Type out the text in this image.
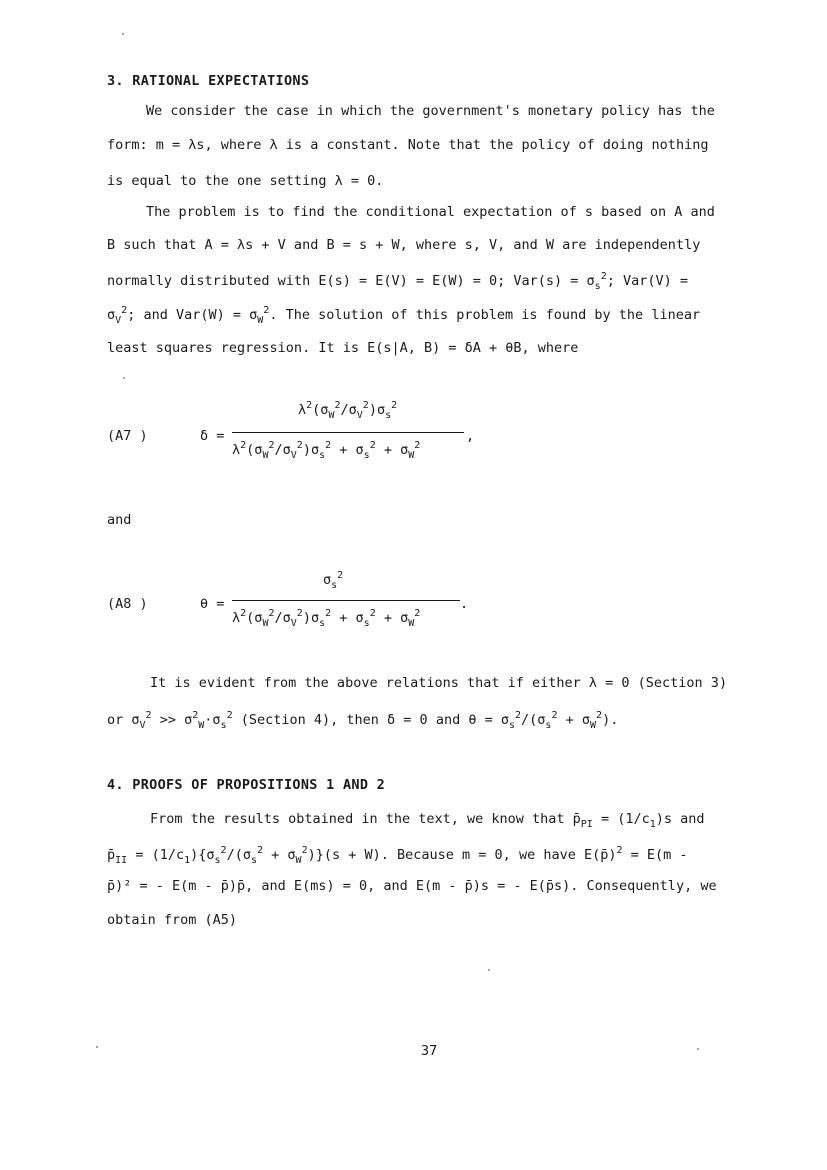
3. RATIONAL EXPECTATIONS
We consider the case in which the government's monetary policy has the
form: m = λs, where λ is a constant. Note that the policy of doing nothing
is equal to the one setting λ = 0.
The problem is to find the conditional expectation of s based on A and
B such that A = λs + V and B = s + W, where s, V, and W are independently
normally distributed with E(s) = E(V) = E(W) = 0; $Var(s) = \sigma_s^2$; Var(V) =
$\sigma_V^2$; and $Var(W) = \sigma_W^2$. The solution of this problem is found by the linear
least squares regression. It is E(s|A, B) = δA + θB, where
(A7 )	δ =
$\lambda^2(\sigma_W^2/\sigma_V^2)\sigma_s^2$
$\lambda^2(\sigma_W^2/\sigma_V^2)\sigma_s^2 + \sigma_s^2 + \sigma_W^2$
,
and
(A8 )	θ =
$\sigma_s^2$
$\lambda^2(\sigma_W^2/\sigma_V^2)\sigma_s^2 + \sigma_s^2 + \sigma_W^2$
.
It is evident from the above relations that if either λ = 0 (Section 3)
or $\sigma_V^2 >> \sigma^2_W\cdot\sigma_s^2$ (Section 4), then δ = 0 and $\theta = \sigma_s^2/(\sigma_s^2 + \sigma_W^2)$.
4. PROOFS OF PROPOSITIONS 1 AND 2
From the results obtained in the text, we know that $p̄_{PI} = (1/c_1)s$ and
$p̄_{II} = (1/c_1)\{\sigma_s^2/(\sigma_s^2 + \sigma_W^2)\}(s + W)$. Because m = 0, we have E(p̄)$^2$ = E(m -
p̄)² = - E(m - p̄)p̄, and E(ms) = 0, and E(m - p̄)s = - E(p̄s). Consequently, we
obtain from (A5)
37
